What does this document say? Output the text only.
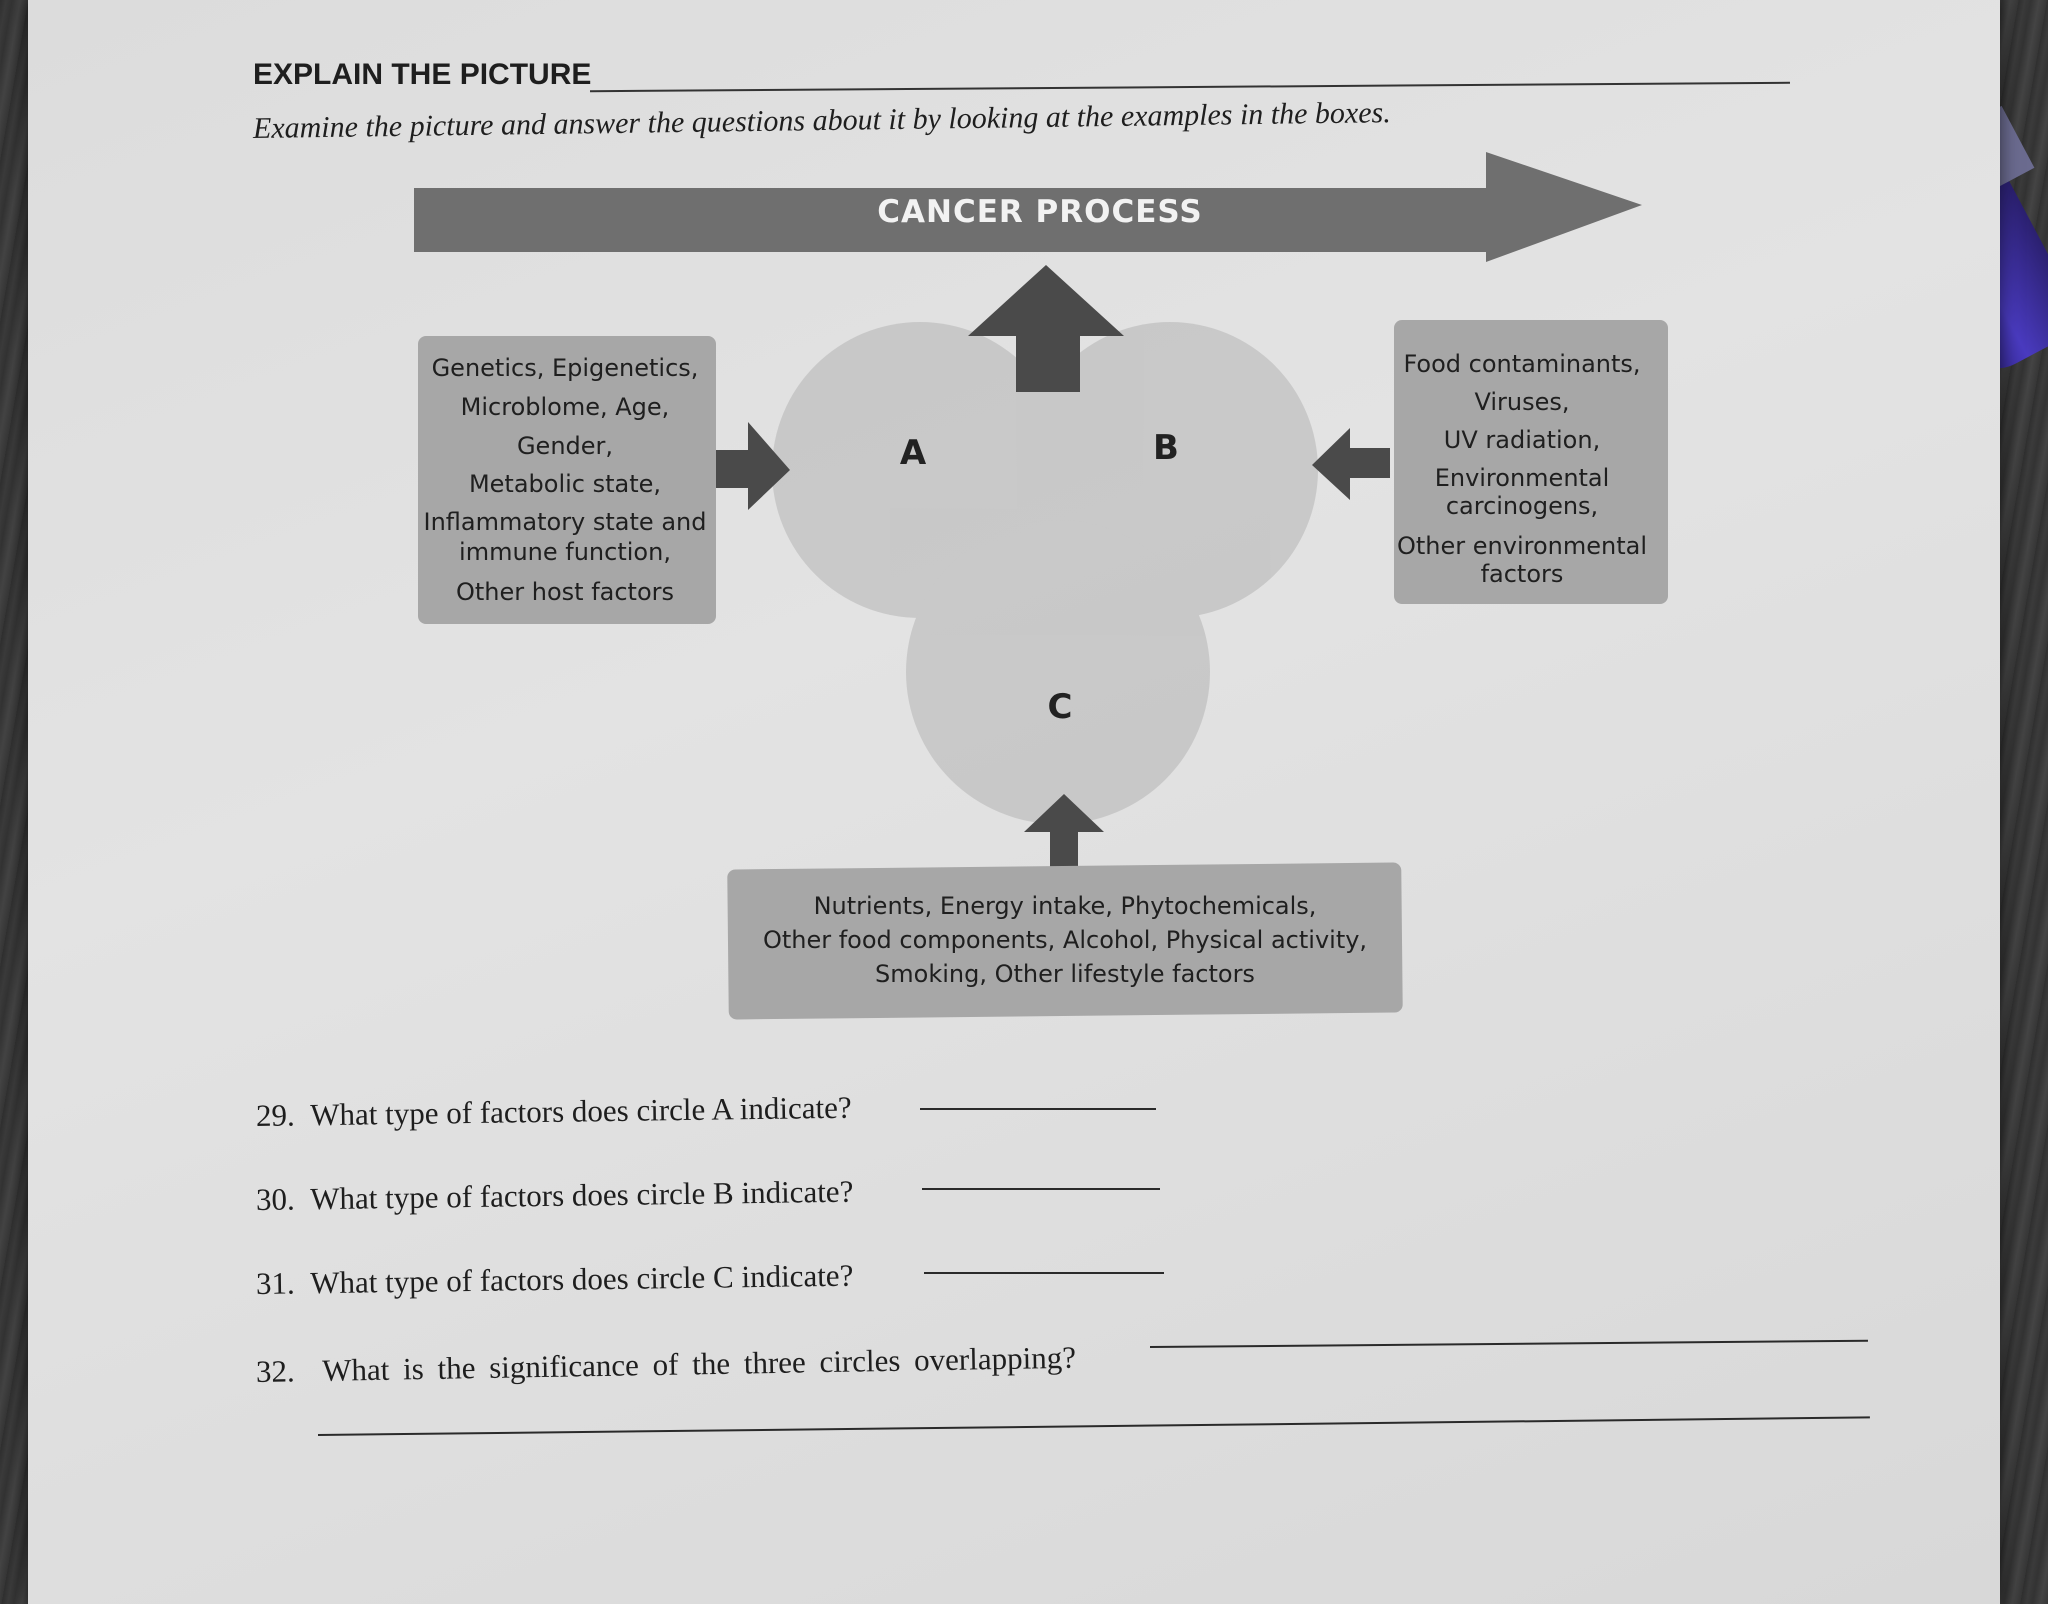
EXPLAIN THE PICTURE
Examine the picture and answer the questions about it by looking at the examples in the boxes.
CANCER PROCESS
A	B
C
Genetics, Epigenetics,
Microblome, Age,
Gender,
Metabolic state,
Inflammatory state and
immune function,
Other host factors
Food contaminants,
Viruses,
UV radiation,
Environmental
carcinogens,
Other environmental
factors
Nutrients, Energy intake, Phytochemicals,
Other food components, Alcohol, Physical activity,
Smoking, Other lifestyle factors
29. What type of factors does circle A indicate?
30. What type of factors does circle B indicate?
31. What type of factors does circle C indicate?
32. What is the significance of the three circles overlapping?
